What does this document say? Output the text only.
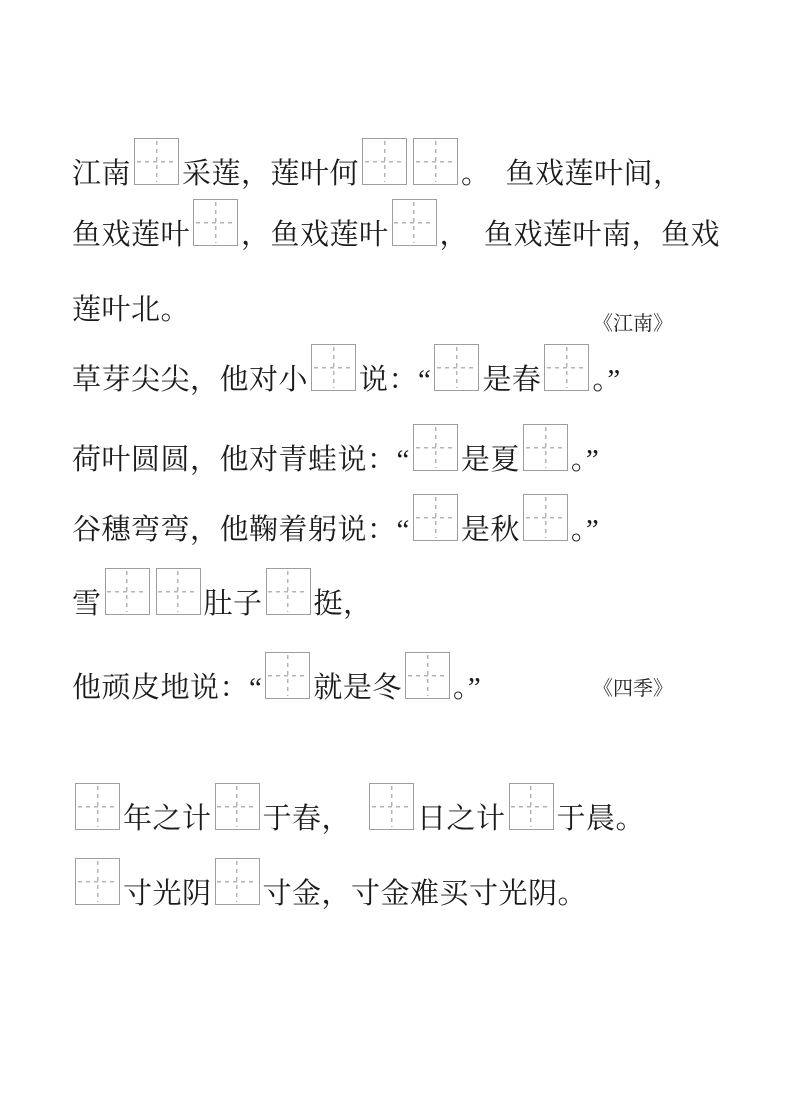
江南 采莲，莲叶何	。　鱼戏莲叶间，
鱼戏莲叶 ，鱼戏莲叶 ，　鱼戏莲叶南，鱼戏
莲叶北。	《江南》
草芽尖尖，他对小 说：“ 是春 。”
荷叶圆圆，他对青蛙说：“ 是夏 。”
谷穗弯弯，他鞠着躬说：“ 是秋 。”
雪	肚子 挺，
他顽皮地说：“ 就是冬 。”	《四季》
年之计 于春，　 日之计 于晨。
寸光阴 寸金，寸金难买寸光阴。
